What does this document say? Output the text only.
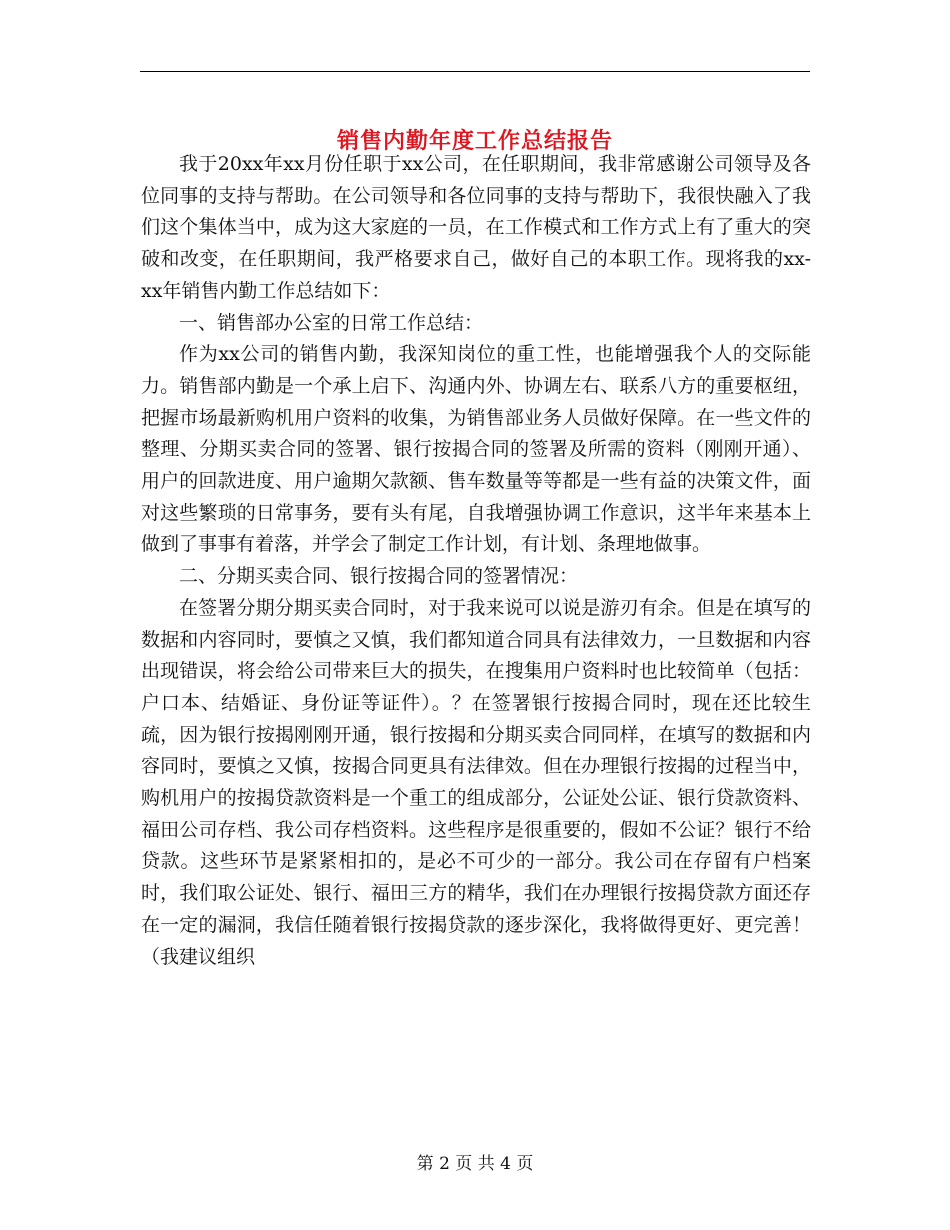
销售内勤年度工作总结报告

我于20xx年xx月份任职于xx公司，在任职期间，我非常感谢公司领导及各位同事的支持与帮助。在公司领导和各位同事的支持与帮助下，我很快融入了我们这个集体当中，成为这大家庭的一员，在工作模式和工作方式上有了重大的突破和改变，在任职期间，我严格要求自己，做好自己的本职工作。现将我的xx-xx年销售内勤工作总结如下：

一、销售部办公室的日常工作总结：

作为xx公司的销售内勤，我深知岗位的重工性，也能增强我个人的交际能力。销售部内勤是一个承上启下、沟通内外、协调左右、联系八方的重要枢纽，把握市场最新购机用户资料的收集，为销售部业务人员做好保障。在一些文件的整理、分期买卖合同的签署、银行按揭合同的签署及所需的资料（刚刚开通）、用户的回款进度、用户逾期欠款额、售车数量等等都是一些有益的决策文件，面对这些繁琐的日常事务，要有头有尾，自我增强协调工作意识，这半年来基本上做到了事事有着落，并学会了制定工作计划，有计划、条理地做事。

二、分期买卖合同、银行按揭合同的签署情况：

在签署分期分期买卖合同时，对于我来说可以说是游刃有余。但是在填写的数据和内容同时，要慎之又慎，我们都知道合同具有法律效力，一旦数据和内容出现错误，将会给公司带来巨大的损失，在搜集用户资料时也比较简单（包括：户口本、结婚证、身份证等证件）。？在签署银行按揭合同时，现在还比较生疏，因为银行按揭刚刚开通，银行按揭和分期买卖合同同样，在填写的数据和内容同时，要慎之又慎，按揭合同更具有法律效。但在办理银行按揭的过程当中，购机用户的按揭贷款资料是一个重工的组成部分，公证处公证、银行贷款资料、福田公司存档、我公司存档资料。这些程序是很重要的，假如不公证？银行不给贷款。这些环节是紧紧相扣的，是必不可少的一部分。我公司在存留有户档案时，我们取公证处、银行、福田三方的精华，我们在办理银行按揭贷款方面还存在一定的漏洞，我信任随着银行按揭贷款的逐步深化，我将做得更好、更完善！（我建议组织

第 2 页 共 4 页
